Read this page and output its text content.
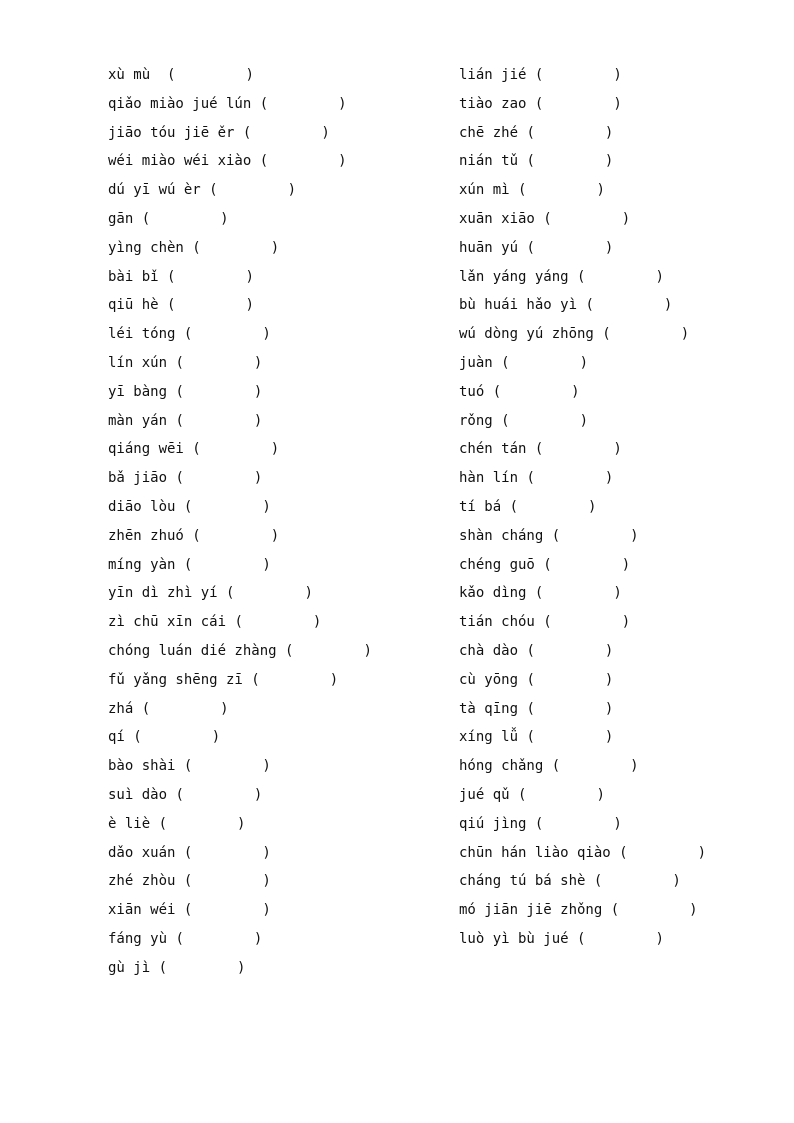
xù mù  (	)
qiǎo miào jué lún (	)
jiāo tóu jiē ěr (	)
wéi miào wéi xiào (	)
dú yī wú èr (	)
gān (	)
yìng chèn (	)
bài bǐ (	)
qiū hè (	)
léi tóng (	)
lín xún (	)
yī bàng (	)
màn yán (	)
qiáng wēi (	)
bǎ jiāo (	)
diāo lòu (	)
zhēn zhuó (	)
míng yàn (	)
yīn dì zhì yí (	)
zì chū xīn cái (	)
chóng luán dié zhàng (	)
fǔ yǎng shēng zī (	)
zhá (	)
qí (	)
bào shài (	)
suì dào (	)
è liè (	)
dǎo xuán (	)
zhé zhòu (	)
xiān wéi (	)
fáng yù (	)
gù jì (	)
lián jié (	)
tiào zao (	)
chē zhé (	)
nián tǔ (	)
xún mì (	)
xuān xiāo (	)
huān yú (	)
lǎn yáng yáng (	)
bù huái hǎo yì (	)
wú dòng yú zhōng (	)
juàn (	)
tuó (	)
rǒng (	)
chén tán (	)
hàn lín (	)
tí bá (	)
shàn cháng (	)
chéng guō (	)
kǎo dìng (	)
tián chóu (	)
chà dào (	)
cù yōng (	)
tà qīng (	)
xíng lǚ (	)
hóng chǎng (	)
jué qǔ (	)
qiú jìng (	)
chūn hán liào qiào (	)
cháng tú bá shè (	)
mó jiān jiē zhǒng (	)
luò yì bù jué (	)
